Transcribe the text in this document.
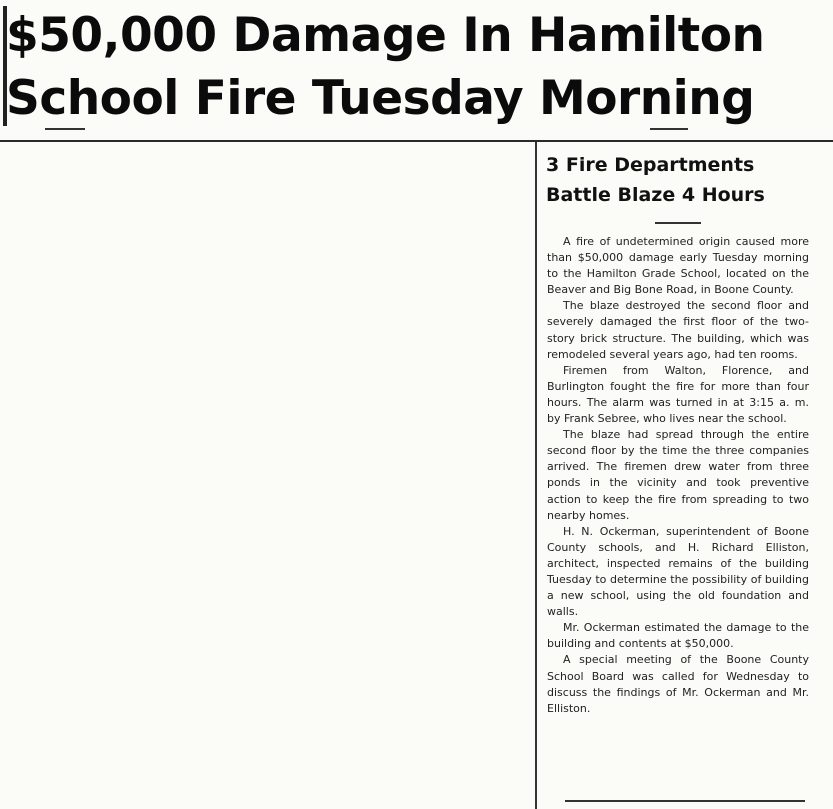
$50,000 Damage In Hamilton
School Fire Tuesday Morning
3 Fire Departments
Battle Blaze 4 Hours

A fire of undetermined origin caused more than $50,000 damage early Tuesday morning to the Hamilton Grade School, located on the Beaver and Big Bone Road, in Boone County.

The blaze destroyed the second floor and severely damaged the first floor of the two-story brick structure. The building, which was remodeled several years ago, had ten rooms.

Firemen from Walton, Florence, and Burlington fought the fire for more than four hours. The alarm was turned in at 3:15 a. m. by Frank Sebree, who lives near the school.

The blaze had spread through the entire second floor by the time the three companies arrived. The firemen drew water from three ponds in the vicinity and took preventive action to keep the fire from spreading to two nearby homes.

H. N. Ockerman, superintendent of Boone County schools, and H. Richard Elliston, architect, inspected remains of the building Tuesday to determine the possibility of building a new school, using the old foundation and walls.

Mr. Ockerman estimated the damage to the building and contents at $50,000.

A special meeting of the Boone County School Board was called for Wednesday to discuss the findings of Mr. Ockerman and Mr. Elliston.
